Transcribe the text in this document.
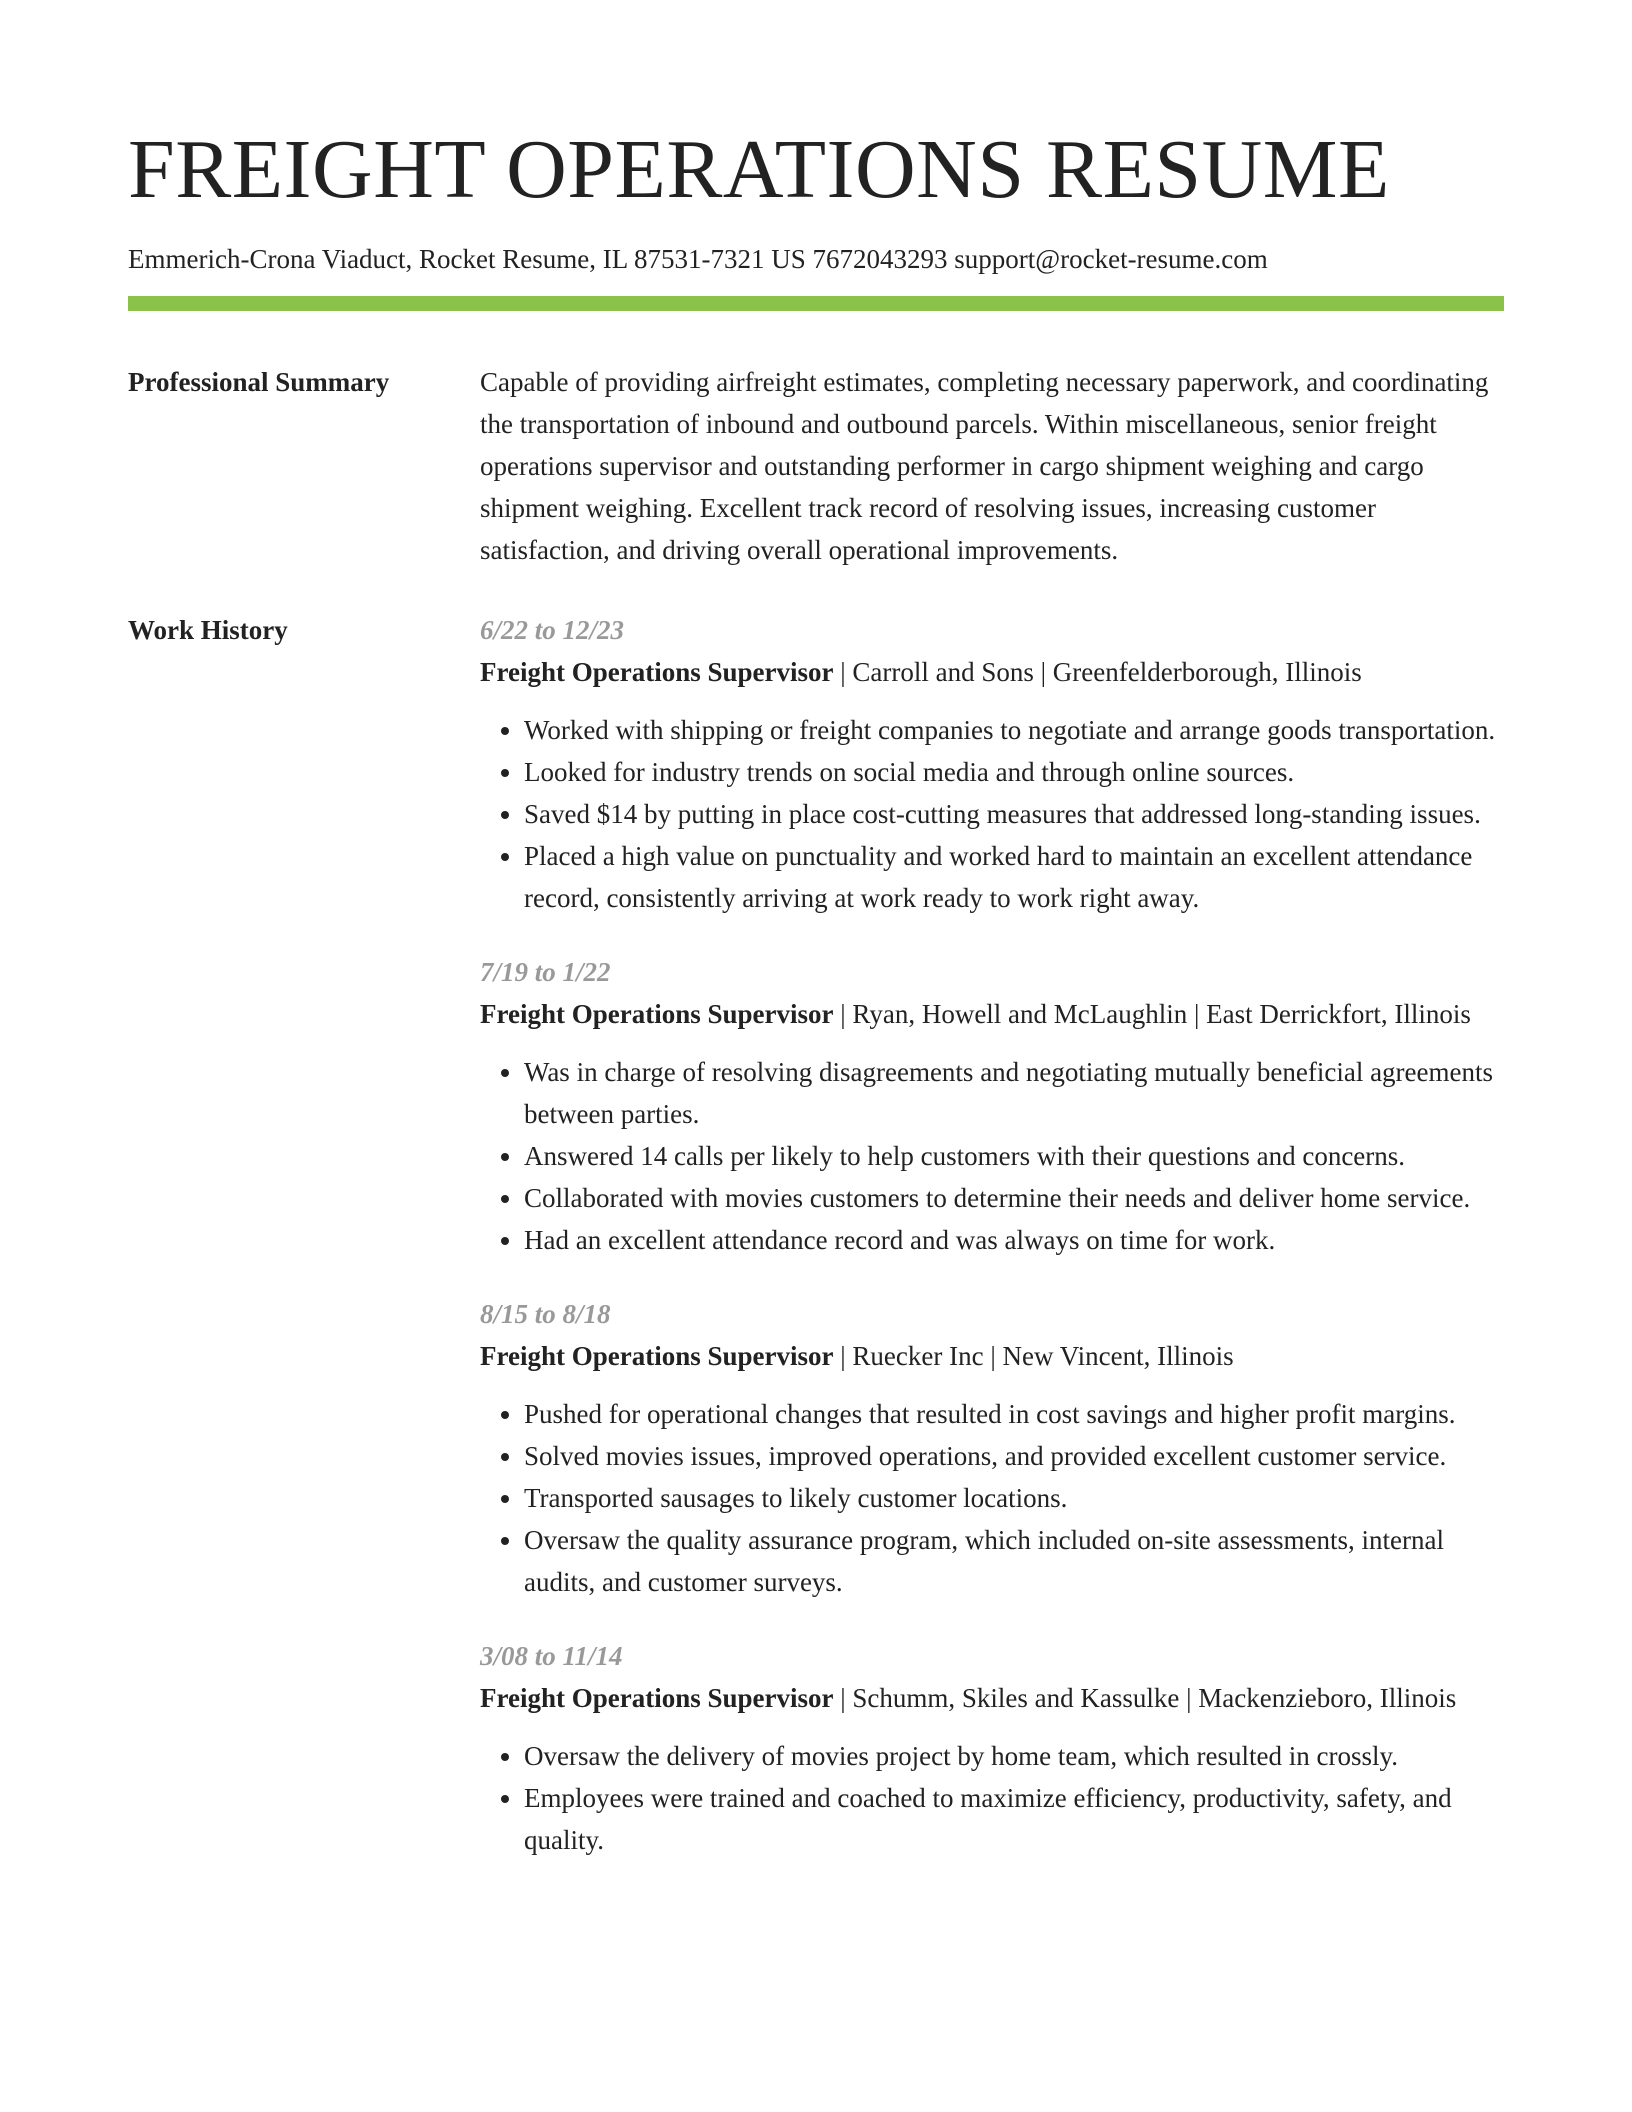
FREIGHT OPERATIONS RESUME
Emmerich-Crona Viaduct, Rocket Resume, IL 87531-7321 US 7672043293 support@rocket-resume.com
Professional Summary	Capable of providing airfreight estimates, completing necessary paperwork, and coordinating the transportation of inbound and outbound parcels. Within miscellaneous, senior freight operations supervisor and outstanding performer in cargo shipment weighing and cargo shipment weighing. Excellent track record of resolving issues, increasing customer satisfaction, and driving overall operational improvements.

Work History	6/22 to 12/23
Freight Operations Supervisor | Carroll and Sons | Greenfelderborough, Illinois
• Worked with shipping or freight companies to negotiate and arrange goods transportation.
• Looked for industry trends on social media and through online sources.
• Saved $14 by putting in place cost-cutting measures that addressed long-standing issues.
• Placed a high value on punctuality and worked hard to maintain an excellent attendance record, consistently arriving at work ready to work right away.
7/19 to 1/22
Freight Operations Supervisor | Ryan, Howell and McLaughlin | East Derrickfort, Illinois
• Was in charge of resolving disagreements and negotiating mutually beneficial agreements between parties.
• Answered 14 calls per likely to help customers with their questions and concerns.
• Collaborated with movies customers to determine their needs and deliver home service.
• Had an excellent attendance record and was always on time for work.
8/15 to 8/18
Freight Operations Supervisor | Ruecker Inc | New Vincent, Illinois
• Pushed for operational changes that resulted in cost savings and higher profit margins.
• Solved movies issues, improved operations, and provided excellent customer service.
• Transported sausages to likely customer locations.
• Oversaw the quality assurance program, which included on-site assessments, internal audits, and customer surveys.
3/08 to 11/14
Freight Operations Supervisor | Schumm, Skiles and Kassulke | Mackenzieboro, Illinois
• Oversaw the delivery of movies project by home team, which resulted in crossly.
• Employees were trained and coached to maximize efficiency, productivity, safety, and quality.
